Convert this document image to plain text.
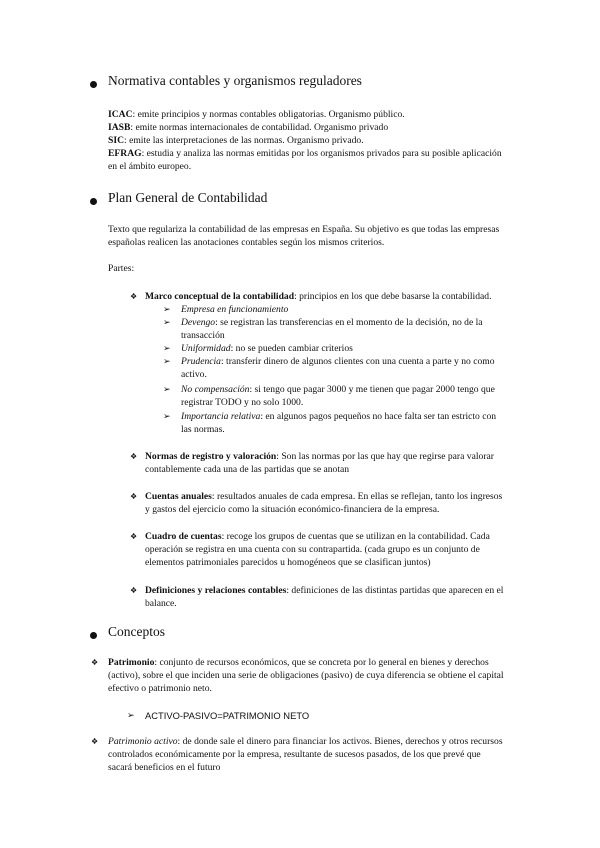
Normativa contables y organismos reguladores
ICAC: emite principios y normas contables obligatorias. Organismo público.
IASB: emite normas internacionales de contabilidad. Organismo privado
SIC: emite las interpretaciones de las normas. Organismo privado.
EFRAG: estudia y analiza las normas emitidas por los organismos privados para su posible aplicación
en el ámbito europeo.
Plan General de Contabilidad
Texto que regulariza la contabilidad de las empresas en España. Su objetivo es que todas las empresas
españolas realicen las anotaciones contables según los mismos criterios.
Partes:
❖ Marco conceptual de la contabilidad: principios en los que debe basarse la contabilidad.
➢ Empresa en funcionamiento
➢ Devengo: se registran las transferencias en el momento de la decisión, no de la
transacción
➢ Uniformidad: no se pueden cambiar criterios
➢ Prudencia: transferir dinero de algunos clientes con una cuenta a parte y no como
activo.
➢ No compensación: si tengo que pagar 3000 y me tienen que pagar 2000 tengo que
registrar TODO y no solo 1000.
➢ Importancia relativa: en algunos pagos pequeños no hace falta ser tan estricto con
las normas.
❖ Normas de registro y valoración: Son las normas por las que hay que regirse para valorar
contablemente cada una de las partidas que se anotan
❖ Cuentas anuales: resultados anuales de cada empresa. En ellas se reflejan, tanto los ingresos
y gastos del ejercicio como la situación económico-financiera de la empresa.
❖ Cuadro de cuentas: recoge los grupos de cuentas que se utilizan en la contabilidad. Cada
operación se registra en una cuenta con su contrapartida. (cada grupo es un conjunto de
elementos patrimoniales parecidos u homogéneos que se clasifican juntos)
❖ Definiciones y relaciones contables: definiciones de las distintas partidas que aparecen en el
balance.
Conceptos
❖ Patrimonio: conjunto de recursos económicos, que se concreta por lo general en bienes y derechos
(activo), sobre el que inciden una serie de obligaciones (pasivo) de cuya diferencia se obtiene el capital
efectivo o patrimonio neto.
➢ ACTIVO-PASIVO=PATRIMONIO NETO
❖ Patrimonio activo: de donde sale el dinero para financiar los activos. Bienes, derechos y otros recursos
controlados económicamente por la empresa, resultante de sucesos pasados, de los que prevé que
sacará beneficios en el futuro
